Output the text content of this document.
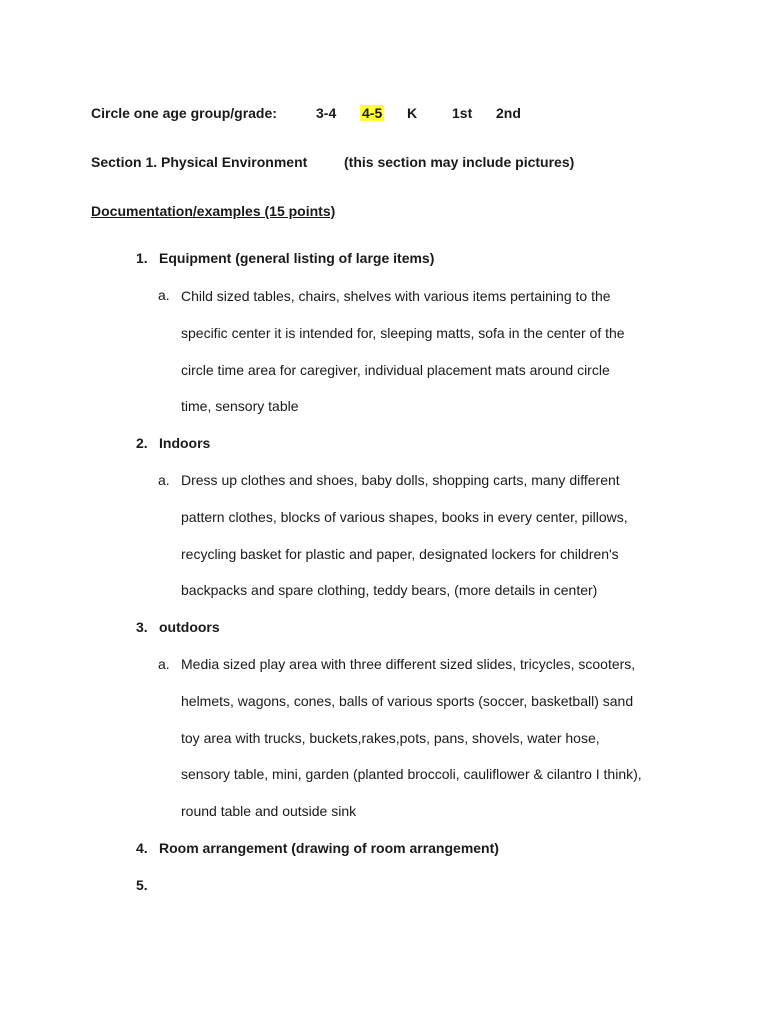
Circle one age group/grade:	3-4 4-5 K 1st 2nd
Section 1. Physical Environment	(this section may include pictures)
Documentation/examples (15 points)
1. Equipment (general listing of large items)
a. Child sized tables, chairs, shelves with various items pertaining to the
specific center it is intended for, sleeping matts, sofa in the center of the
circle time area for caregiver, individual placement mats around circle
time, sensory table
2. Indoors
a. Dress up clothes and shoes, baby dolls, shopping carts, many different
pattern clothes, blocks of various shapes, books in every center, pillows,
recycling basket for plastic and paper, designated lockers for children's
backpacks and spare clothing, teddy bears, (more details in center)
3. outdoors
a. Media sized play area with three different sized slides, tricycles, scooters,
helmets, wagons, cones, balls of various sports (soccer, basketball) sand
toy area with trucks, buckets,rakes,pots, pans, shovels, water hose,
sensory table, mini, garden (planted broccoli, cauliflower & cilantro I think),
round table and outside sink
4. Room arrangement (drawing of room arrangement)
5.
